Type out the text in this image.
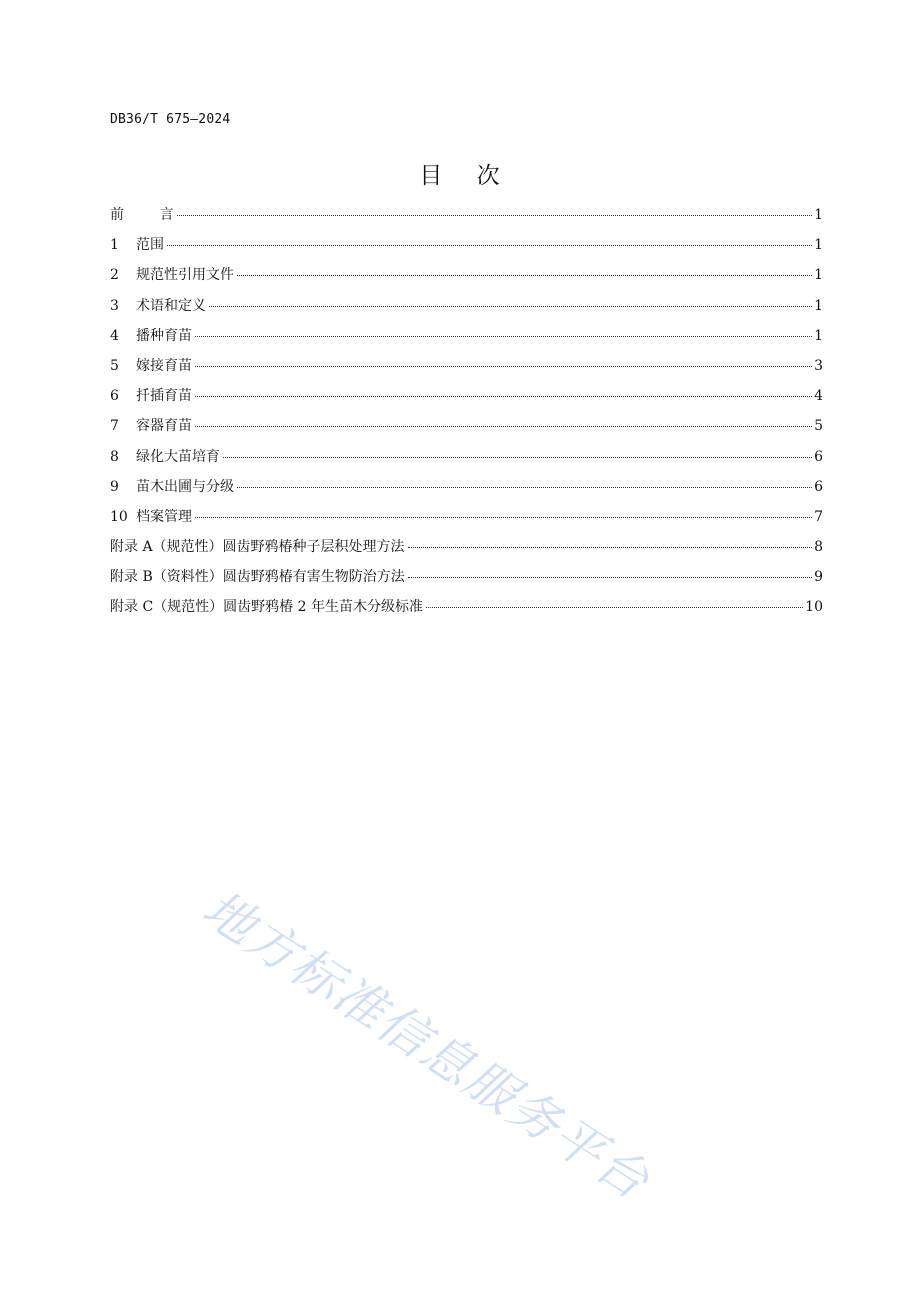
DB36/T 675—2024
目    次
前        言	1
1	范围	1
2	规范性引用文件	1
3	术语和定义	1
4	播种育苗	1
5	嫁接育苗	3
6	扦插育苗	4
7	容器育苗	5
8	绿化大苗培育	6
9	苗木出圃与分级	6
10 档案管理	7
附录 A（规范性）圆齿野鸦椿种子层积处理方法	8
附录 B（资料性）圆齿野鸦椿有害生物防治方法	9
附录 C（规范性）圆齿野鸦椿 2 年生苗木分级标准	10
地方标准信息服务平台
